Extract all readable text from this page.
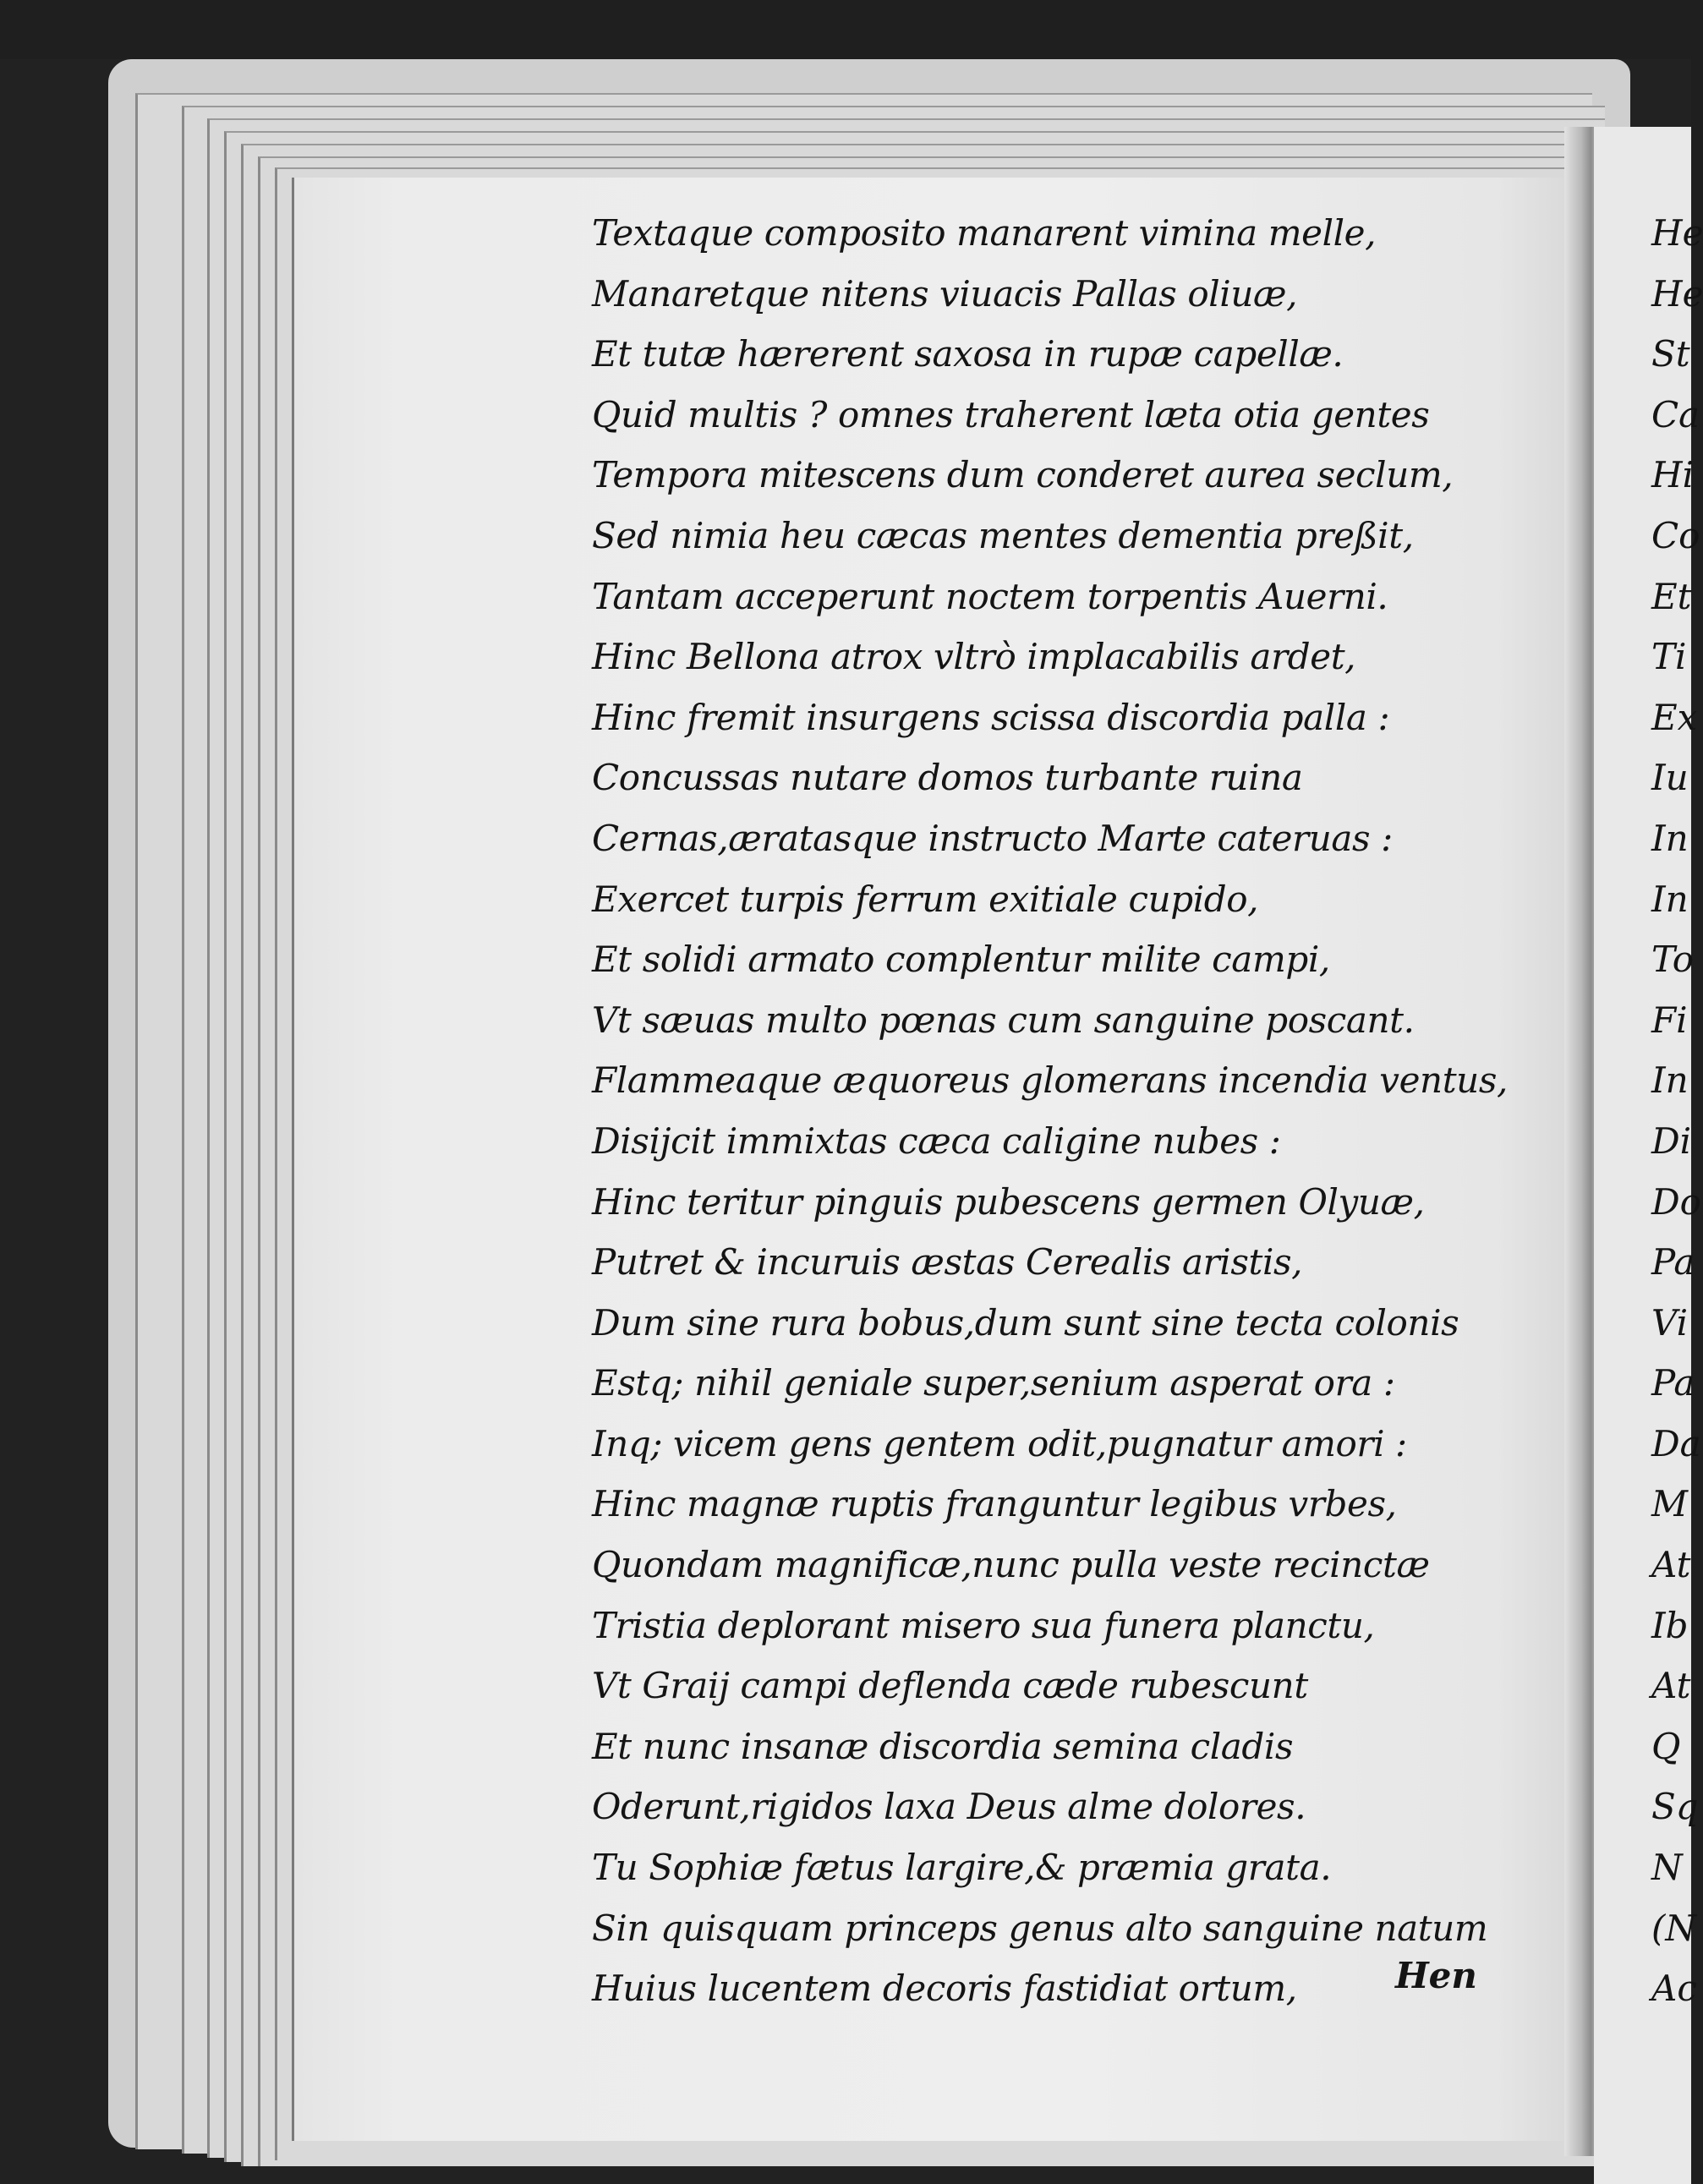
Textaque composito manarent vimina melle,
Manaretque nitens viuacis Pallas oliuæ,
Et tutæ hærerent saxosa in rupæ capellæ.
Quid multis ? omnes traherent læta otia gentes
Tempora mitescens dum conderet aurea seclum,
Sed nimia heu cæcas mentes dementia preßit,
Tantam acceperunt noctem torpentis Auerni.
Hinc Bellona atrox vltrò implacabilis ardet,
Hinc fremit insurgens scissa discordia palla :
Concussas nutare domos turbante ruina
Cernas,æratasque instructo Marte cateruas :
Exercet turpis ferrum exitiale cupido,
Et solidi armato complentur milite campi,
Vt sæuas multo pœnas cum sanguine poscant.
Flammeaque æquoreus glomerans incendia ventus,
Disijcit immixtas cæca caligine nubes :
Hinc teritur pinguis pubescens germen Olyuæ,
Putret & incuruis æstas Cerealis aristis,
Dum sine rura bobus,dum sunt sine tecta colonis
Estq; nihil geniale super,senium asperat ora :
Inq; vicem gens gentem odit,pugnatur amori :
Hinc magnæ ruptis franguntur legibus vrbes,
Quondam magnificæ,nunc pulla veste recinctæ
Tristia deplorant misero sua funera planctu,
Vt Graij campi deflenda cæde rubescunt
Et nunc insanæ discordia semina cladis
Oderunt,rigidos laxa Deus alme dolores.
Tu Sophiæ fætus largire,& præmia grata.
Sin quisquam princeps genus alto sanguine natum
Huius lucentem decoris fastidiat ortum,	Hen
He
He
St
Ca
Hi
Co
Et
Ti
Ex
Iu
In
In
To
Fi
In
Di
Do
Pa
Vi
Pa
Da
M
At
Ib
At
Q
Sq
N
(N
Ac
